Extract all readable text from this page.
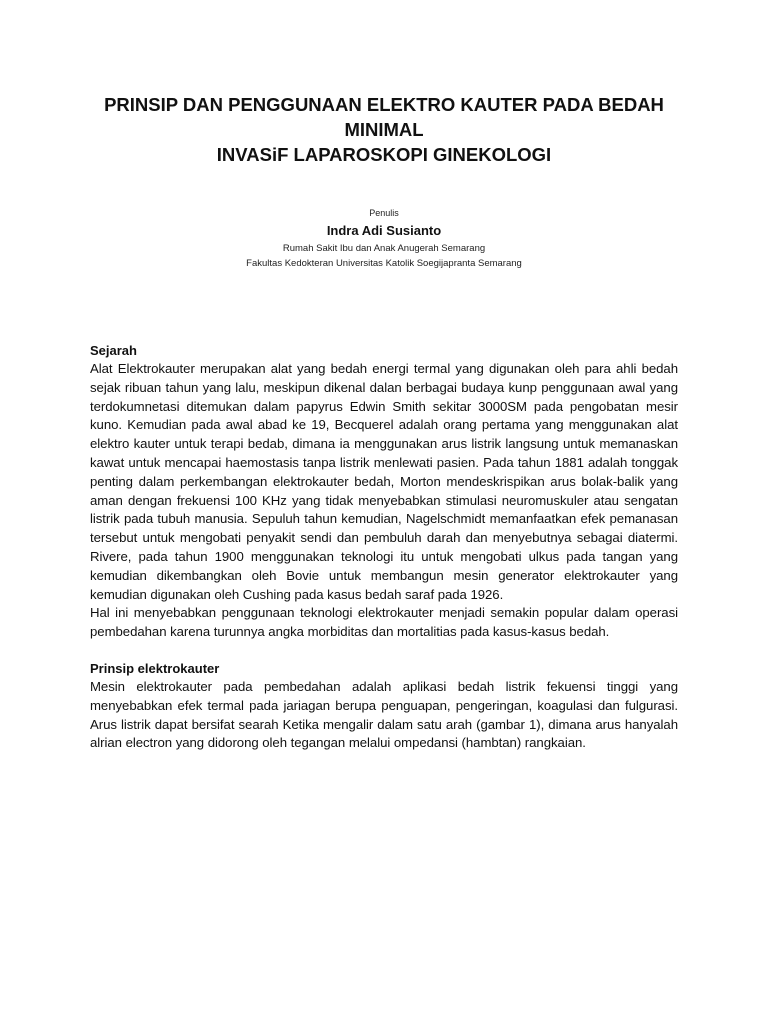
PRINSIP DAN PENGGUNAAN ELEKTRO KAUTER PADA BEDAH MINIMAL
INVASiF LAPAROSKOPI GINEKOLOGI
Penulis
Indra Adi Susianto
Rumah Sakit Ibu dan Anak Anugerah Semarang
Fakultas Kedokteran Universitas Katolik Soegijapranta Semarang
Sejarah

Alat Elektrokauter merupakan alat yang bedah energi termal yang digunakan oleh para ahli bedah sejak ribuan tahun yang lalu, meskipun dikenal dalan berbagai budaya kunp penggunaan awal yang terdokumnetasi ditemukan dalam papyrus Edwin Smith sekitar 3000SM pada pengobatan mesir kuno. Kemudian pada awal abad ke 19, Becquerel adalah orang pertama yang menggunakan alat elektro kauter untuk terapi bedab, dimana ia menggunakan arus listrik langsung untuk memanaskan kawat untuk mencapai haemostasis tanpa listrik menlewati pasien. Pada tahun 1881 adalah tonggak penting dalam perkembangan elektrokauter bedah, Morton mendeskrispikan arus bolak-balik yang aman dengan frekuensi 100 KHz yang tidak menyebabkan stimulasi neuromuskuler atau sengatan listrik pada tubuh manusia. Sepuluh tahun kemudian, Nagelschmidt memanfaatkan efek pemanasan tersebut untuk mengobati penyakit sendi dan pembuluh darah dan menyebutnya sebagai diatermi. Rivere, pada tahun 1900 menggunakan teknologi itu untuk mengobati ulkus pada tangan yang kemudian dikembangkan oleh Bovie untuk membangun mesin generator elektrokauter yang kemudian digunakan oleh Cushing pada kasus bedah saraf pada 1926.

Hal ini menyebabkan penggunaan teknologi elektrokauter menjadi semakin popular dalam operasi pembedahan karena turunnya angka morbiditas dan mortalitias pada kasus-kasus bedah.

Prinsip elektrokauter

Mesin elektrokauter pada pembedahan adalah aplikasi bedah listrik fekuensi tinggi yang menyebabkan efek termal pada jariagan berupa penguapan, pengeringan, koagulasi dan fulgurasi. Arus listrik dapat bersifat searah Ketika mengalir dalam satu arah (gambar 1), dimana arus hanyalah alrian electron yang didorong oleh tegangan melalui ompedansi (hambtan) rangkaian.
